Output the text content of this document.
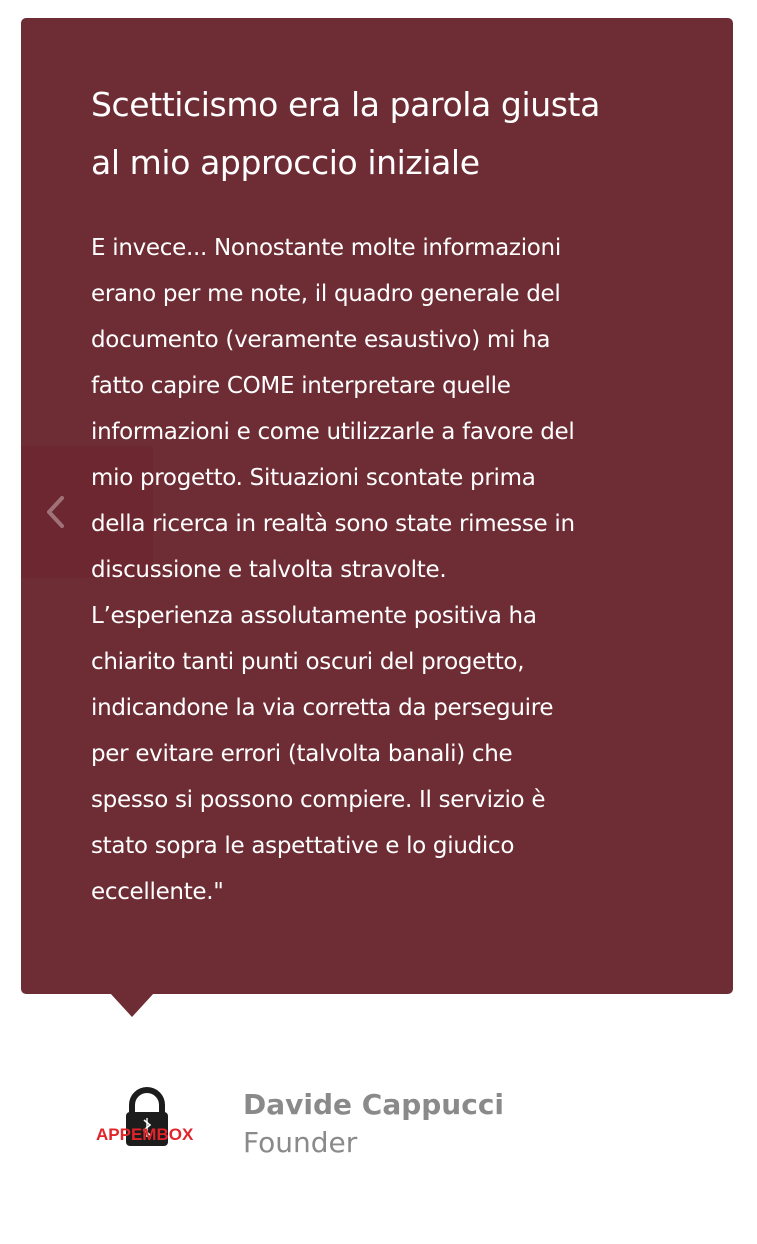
Scetticismo era la parola giusta
al mio approccio iniziale

E invece... Nonostante molte informazioni
erano per me note, il quadro generale del
documento (veramente esaustivo) mi ha
fatto capire COME interpretare quelle
informazioni e come utilizzarle a favore del
mio progetto. Situazioni scontate prima
della ricerca in realtà sono state rimesse in
discussione e talvolta stravolte.
L’esperienza assolutamente positiva ha
chiarito tanti punti oscuri del progetto,
indicandone la via corretta da perseguire
per evitare errori (talvolta banali) che
spesso si possono compiere. Il servizio è
stato sopra le aspettative e lo giudico
eccellente."

APPEMBOX
Davide Cappucci

Founder
